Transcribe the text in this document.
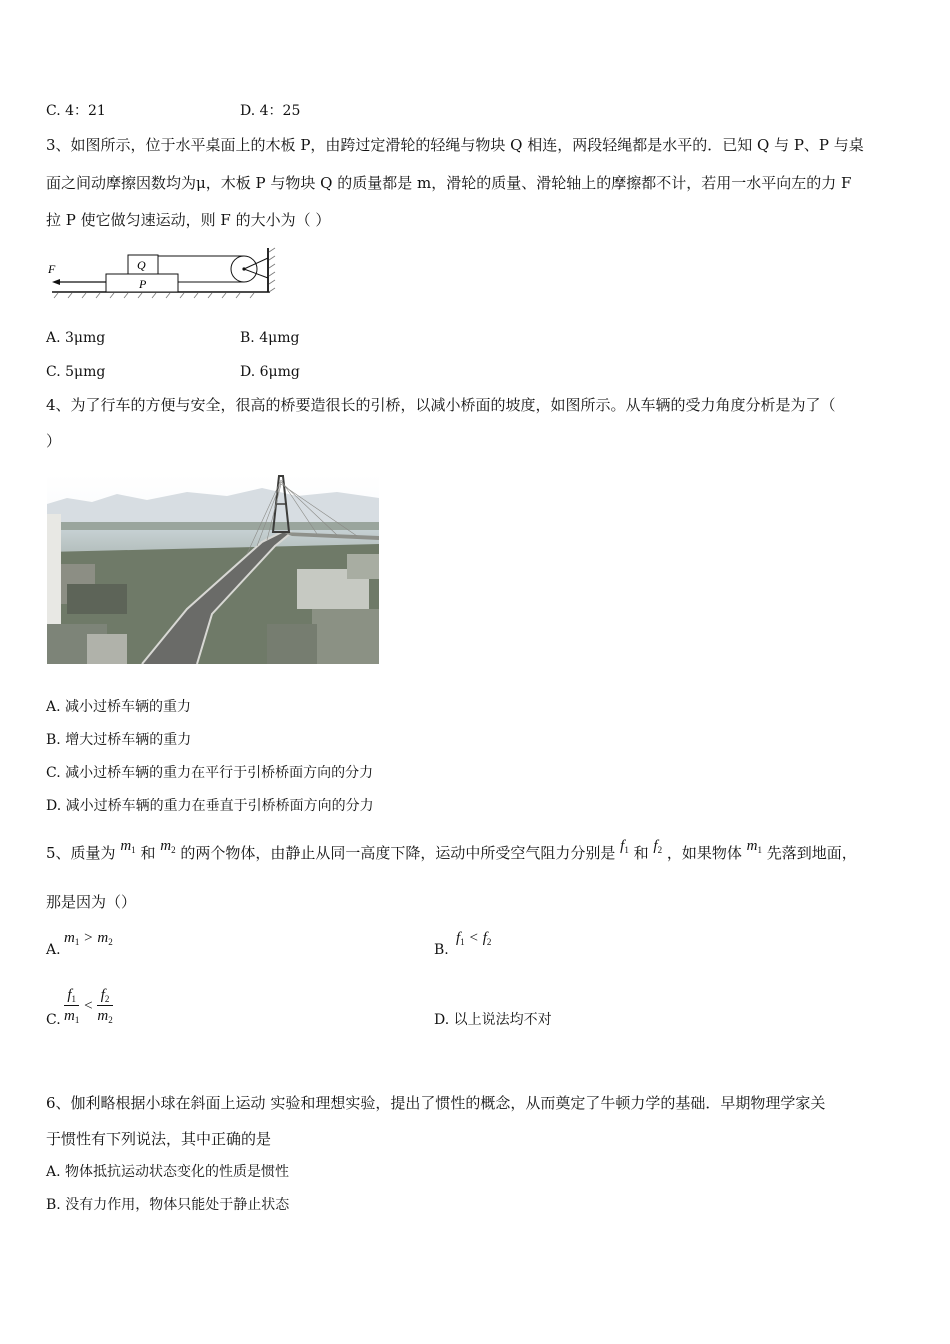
C. 4：21	D. 4：25
3、如图所示，位于水平桌面上的木板 P，由跨过定滑轮的轻绳与物块 Q 相连，两段轻绳都是水平的．已知 Q 与 P、P 与桌
面之间动摩擦因数均为μ，木板 P 与物块 Q 的质量都是 m，滑轮的质量、滑轮轴上的摩擦都不计，若用一水平向左的力 F
拉 P 使它做匀速运动，则 F 的大小为（ ）
F	Q
P
A. 3μmg	B. 4μmg
C. 5μmg	D. 6μmg
4、为了行车的方便与安全，很高的桥要造很长的引桥，以减小桥面的坡度，如图所示。从车辆的受力角度分析是为了（
）
A. 减小过桥车辆的重力
B. 增大过桥车辆的重力
C. 减小过桥车辆的重力在平行于引桥桥面方向的分力
D. 减小过桥车辆的重力在垂直于引桥桥面方向的分力
5、质量为 $m_1$ 和 $m_2$ 的两个物体，由静止从同一高度下降，运动中所受空气阻力分别是 $f_1$ 和 $f_2$ ，如果物体 $m_1$ 先落到地面，
那是因为（）
A.
$m_1 > m_2$	B.
$f_1 < f_2$
C. $\frac{f_1}{m_1} < \frac{f_2}{m_2}$	D. 以上说法均不对
6、伽利略根据小球在斜面上运动 实验和理想实验，提出了惯性的概念，从而奠定了牛顿力学的基础．早期物理学家关
于惯性有下列说法，其中正确的是
A. 物体抵抗运动状态变化的性质是惯性
B. 没有力作用，物体只能处于静止状态
